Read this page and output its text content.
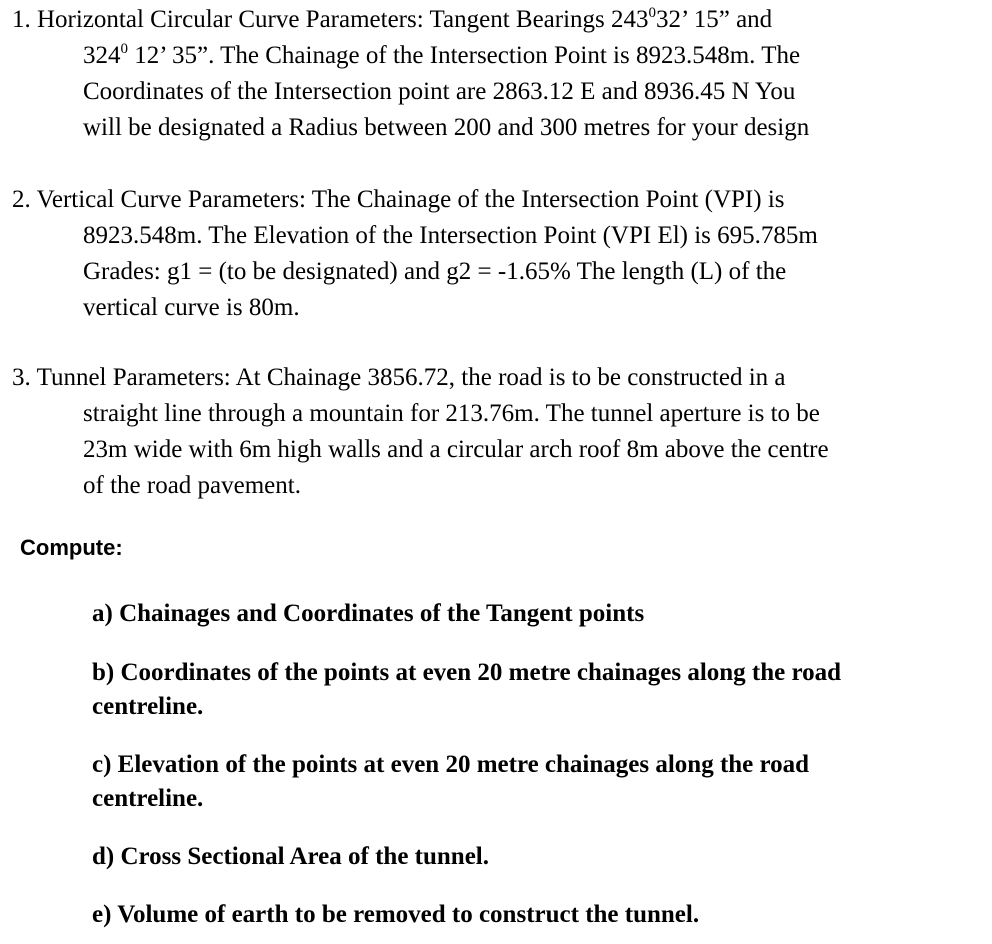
1. Horizontal Circular Curve Parameters: Tangent Bearings $243^032$’ 15” and
$324^0$ 12’ 35”. The Chainage of the Intersection Point is 8923.548m. The
Coordinates of the Intersection point are 2863.12 E and 8936.45 N You
will be designated a Radius between 200 and 300 metres for your design
2. Vertical Curve Parameters: The Chainage of the Intersection Point (VPI) is
8923.548m. The Elevation of the Intersection Point (VPI El) is 695.785m
Grades: g1 = (to be designated) and g2 = -1.65% The length (L) of the
vertical curve is 80m.
3. Tunnel Parameters: At Chainage 3856.72, the road is to be constructed in a
straight line through a mountain for 213.76m. The tunnel aperture is to be
23m wide with 6m high walls and a circular arch roof 8m above the centre
of the road pavement.
Compute:
a) Chainages and Coordinates of the Tangent points
b) Coordinates of the points at even 20 metre chainages along the road
centreline.
c) Elevation of the points at even 20 metre chainages along the road
centreline.
d) Cross Sectional Area of the tunnel.
e) Volume of earth to be removed to construct the tunnel.
